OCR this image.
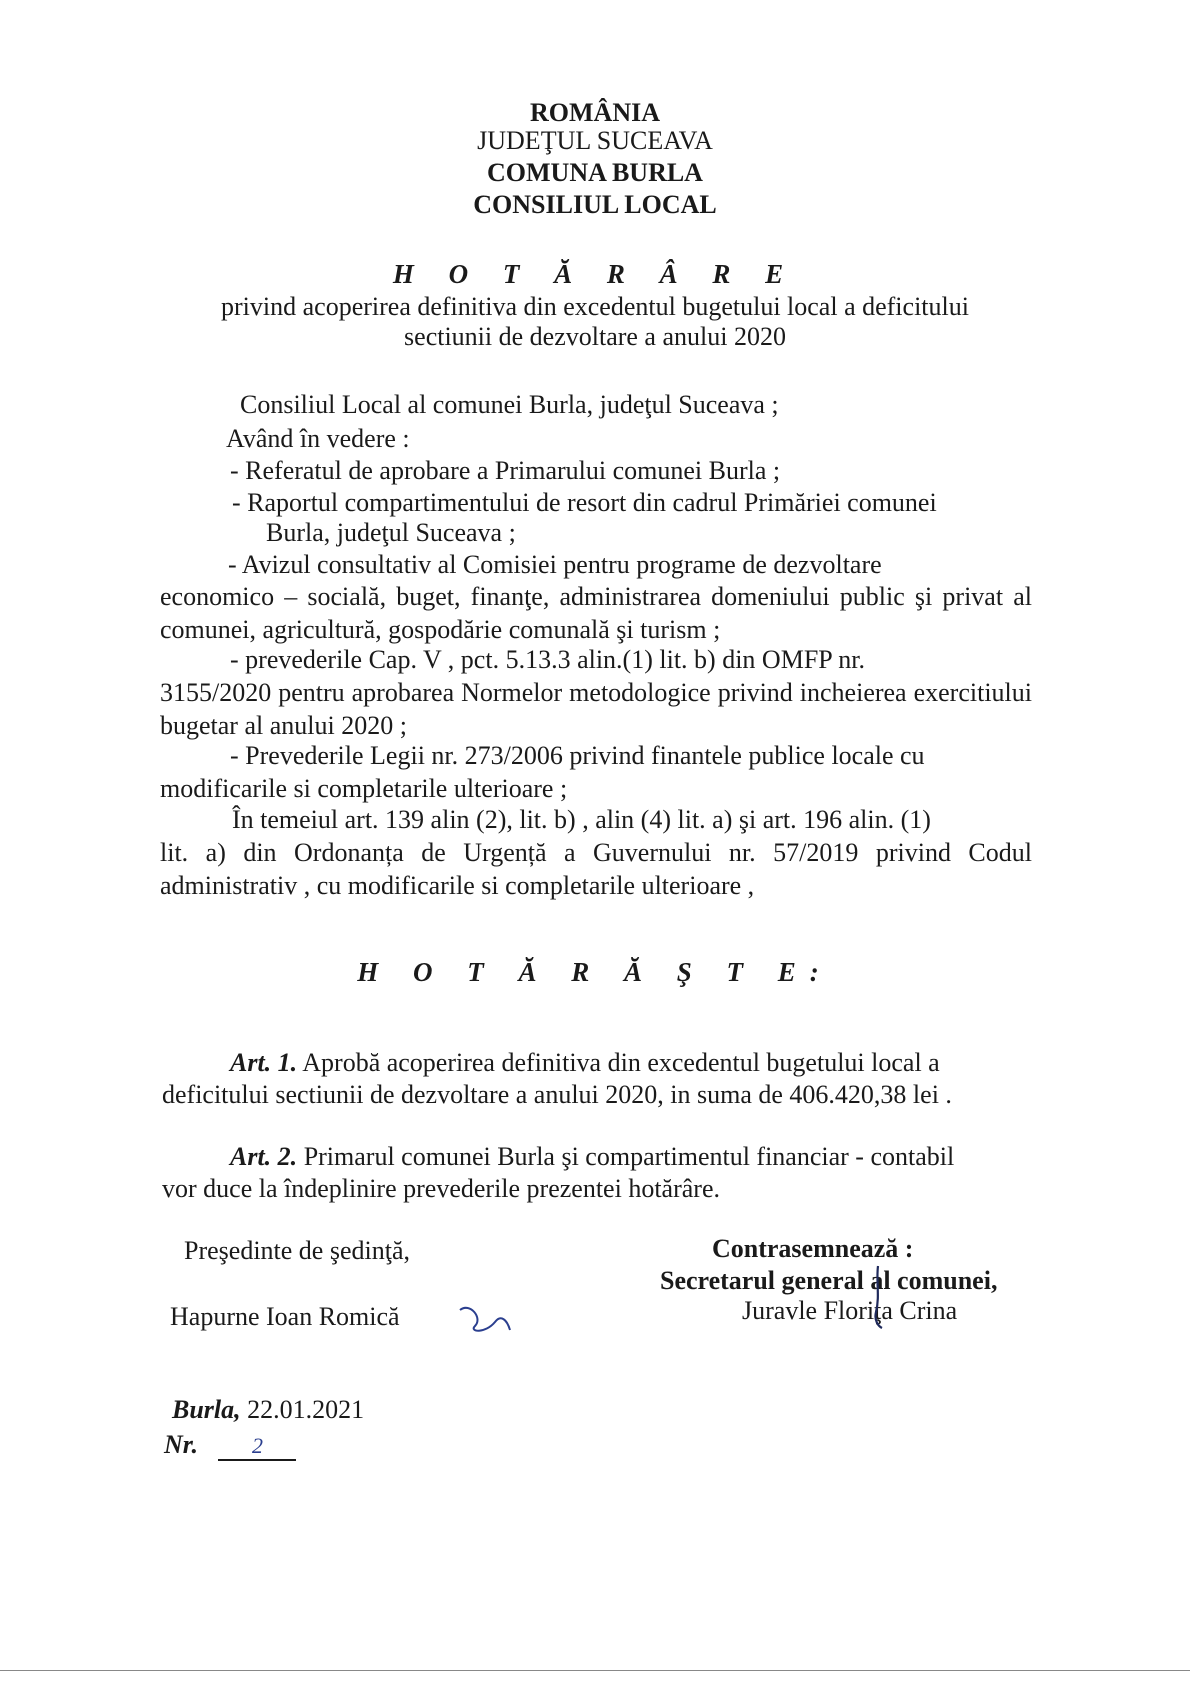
ROMÂNIA
JUDEŢUL SUCEAVA
COMUNA BURLA
CONSILIUL LOCAL
H O T Ă R Â R E
privind acoperirea definitiva din excedentul bugetului local a deficitului
sectiunii de dezvoltare a anului 2020
Consiliul Local al comunei Burla, judeţul Suceava ;
Având în vedere :
- Referatul de aprobare a Primarului comunei Burla ;
- Raportul compartimentului de resort din cadrul Primăriei comunei
Burla, judeţul Suceava ;
- Avizul consultativ al Comisiei pentru programe de dezvoltare
economico – socială, buget, finanţe, administrarea domeniului public şi privat al comunei, agricultură, gospodărie comunală şi turism ;
- prevederile Cap. V , pct. 5.13.3 alin.(1) lit. b) din OMFP nr.
3155/2020 pentru aprobarea Normelor metodologice privind incheierea exercitiului bugetar al anului 2020 ;
- Prevederile Legii nr. 273/2006 privind finantele publice locale cu
modificarile si completarile ulterioare ;
În temeiul art. 139 alin (2), lit. b) , alin (4) lit. a) şi art. 196 alin. (1)
lit. a) din Ordonanța de Urgență a Guvernului nr. 57/2019 privind Codul administrativ , cu modificarile si completarile ulterioare ,
H O T Ă R Ă Ş T E:
Art. 1. Aprobă acoperirea definitiva din excedentul bugetului local a
deficitului sectiunii de dezvoltare a anului 2020, in suma de 406.420,38 lei .
Art. 2. Primarul comunei Burla şi compartimentul financiar - contabil
vor duce la îndeplinire prevederile prezentei hotărâre.
Preşedinte de şedinţă,
Hapurne Ioan Romică
Contrasemnează :
Secretarul general al comunei,
Juravle Floriţa Crina
Burla, 22.01.2021
Nr. 2
